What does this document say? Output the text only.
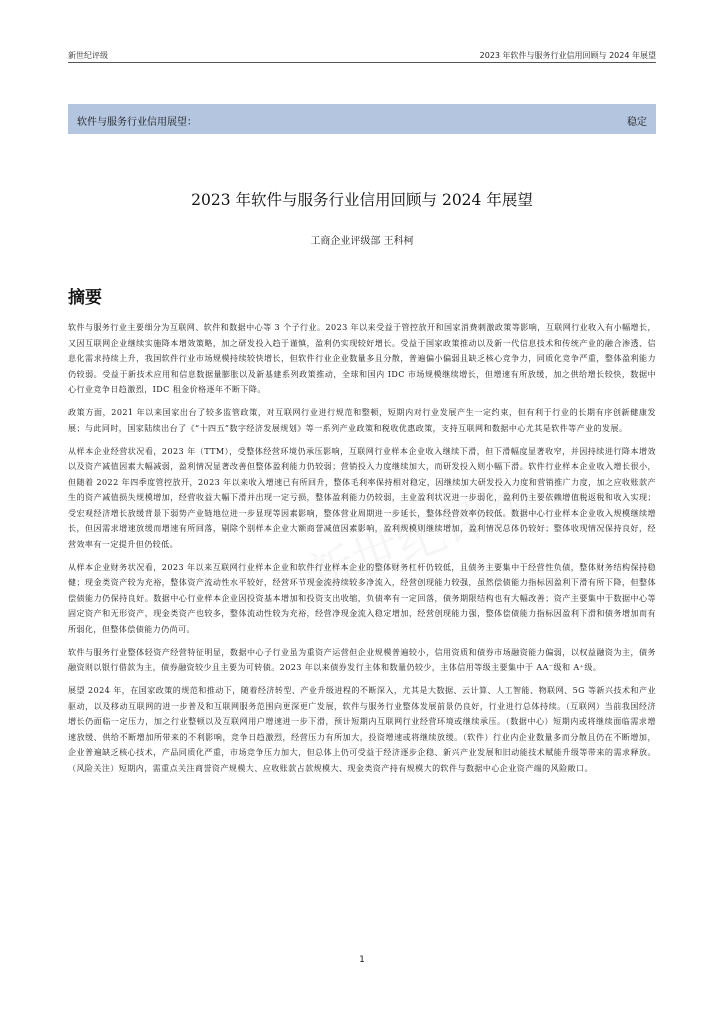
新世纪评级	2023 年软件与服务行业信用回顾与 2024 年展望
软件与服务行业信用展望：	稳定
2023 年软件与服务行业信用回顾与 2024 年展望
工商企业评级部 王科柯
摘要

软件与服务行业主要细分为互联网、软件和数据中心等 3 个子行业。2023 年以来受益于管控放开和国家消费刺激政策等影响，互联网行业收入有小幅增长，又因互联网企业继续实施降本增效策略，加之研发投入趋于谨慎，盈利仍实现较好增长。受益于国家政策推动以及新一代信息技术和传统产业的融合渗透、信息化需求持续上升，我国软件行业市场规模持续较快增长，但软件行业企业数量多且分散，普遍偏小偏弱且缺乏核心竞争力，同质化竞争严重，整体盈利能力仍较弱。受益于新技术应用和信息数据量膨胀以及新基建系列政策推动，全球和国内 IDC 市场规模继续增长，但增速有所放缓，加之供给增长较快，数据中心行业竞争日趋激烈，IDC 租金价格逐年不断下降。

政策方面，2021 年以来国家出台了较多监管政策，对互联网行业进行规范和整顿，短期内对行业发展产生一定约束，但有利于行业的长期有序创新健康发展；与此同时，国家陆续出台了《“十四五”数字经济发展规划》等一系列产业政策和税收优惠政策，支持互联网和数据中心尤其是软件等产业的发展。

从样本企业经营状况看，2023 年（TTM），受整体经营环境仍承压影响，互联网行业样本企业收入继续下滑，但下滑幅度显著收窄，并因持续进行降本增效以及资产减值因素大幅减弱，盈利情况显著改善但整体盈利能力仍较弱；营销投入力度继续加大，而研发投入则小幅下滑。软件行业样本企业收入增长很小，但随着 2022 年四季度管控放开，2023 年以来收入增速已有所回升，整体毛利率保持相对稳定，因继续加大研发投入力度和营销推广力度，加之应收账款产生的资产减值损失规模增加，经营收益大幅下滑并出现一定亏损，整体盈利能力仍较弱，主业盈利状况进一步弱化，盈利仍主要依赖增值税返税和收入实现；受宏观经济增长放缓背景下弱势产业链地位进一步显现等因素影响，整体营业周期进一步延长，整体经营效率仍较低。数据中心行业样本企业收入规模继续增长，但因需求增速放缓而增速有所回落，剔除个别样本企业大额商誉减值因素影响，盈利规模则继续增加，盈利情况总体仍较好；整体收现情况保持良好，经营效率有一定提升但仍较低。

从样本企业财务状况看，2023 年以来互联网行业样本企业和软件行业样本企业的整体财务杠杆仍较低，且债务主要集中于经营性负债，整体财务结构保持稳健；现金类资产较为充裕，整体资产流动性水平较好，经营环节现金流持续较多净流入，经营创现能力较强，虽然偿债能力指标因盈利下滑有所下降，但整体偿债能力仍保持良好。数据中心行业样本企业因投资基本增加和投资支出收缩，负债率有一定回落，债务期限结构也有大幅改善；资产主要集中于数据中心等固定资产和无形资产，现金类资产也较多，整体流动性较为充裕，经营净现金流入稳定增加，经营创现能力强，整体偿债能力指标因盈利下滑和债务增加而有所弱化，但整体偿债能力仍尚可。

软件与服务行业整体轻资产经营特征明显，数据中心子行业虽为重资产运营但企业规模普遍较小，信用资质和债券市场融资能力偏弱，以权益融资为主，债务融资则以银行借款为主，债券融资较少且主要为可转债。2023 年以来债券发行主体和数量仍较少，主体信用等级主要集中于 AA⁻级和 A⁺级。

展望 2024 年，在国家政策的规范和推动下，随着经济转型、产业升级进程的不断深入，尤其是大数据、云计算、人工智能、物联网、5G 等新兴技术和产业驱动，以及移动互联网的进一步普及和互联网服务范围向更深更广发展，软件与服务行业整体发展前景仍良好，行业进行总体持续。（互联网）当前我国经济增长仍面临一定压力，加之行业整顿以及互联网用户增速进一步下滑，预计短期内互联网行业经营环境或继续承压。（数据中心）短期内或将继续面临需求增速放缓、供给不断增加所带来的不利影响，竞争日趋激烈，经营压力有所加大，投资增速或将继续放缓。（软件）行业内企业数量多而分散且仍在不断增加，企业普遍缺乏核心技术，产品同质化严重，市场竞争压力加大，但总体上仍可受益于经济逐步企稳、新兴产业发展和旧动能技术赋能升级等带来的需求释放。（风险关注）短期内，需重点关注商誉资产规模大、应收账款占款规模大、现金类资产持有规模大的软件与数据中心企业资产端的风险敞口。

1
